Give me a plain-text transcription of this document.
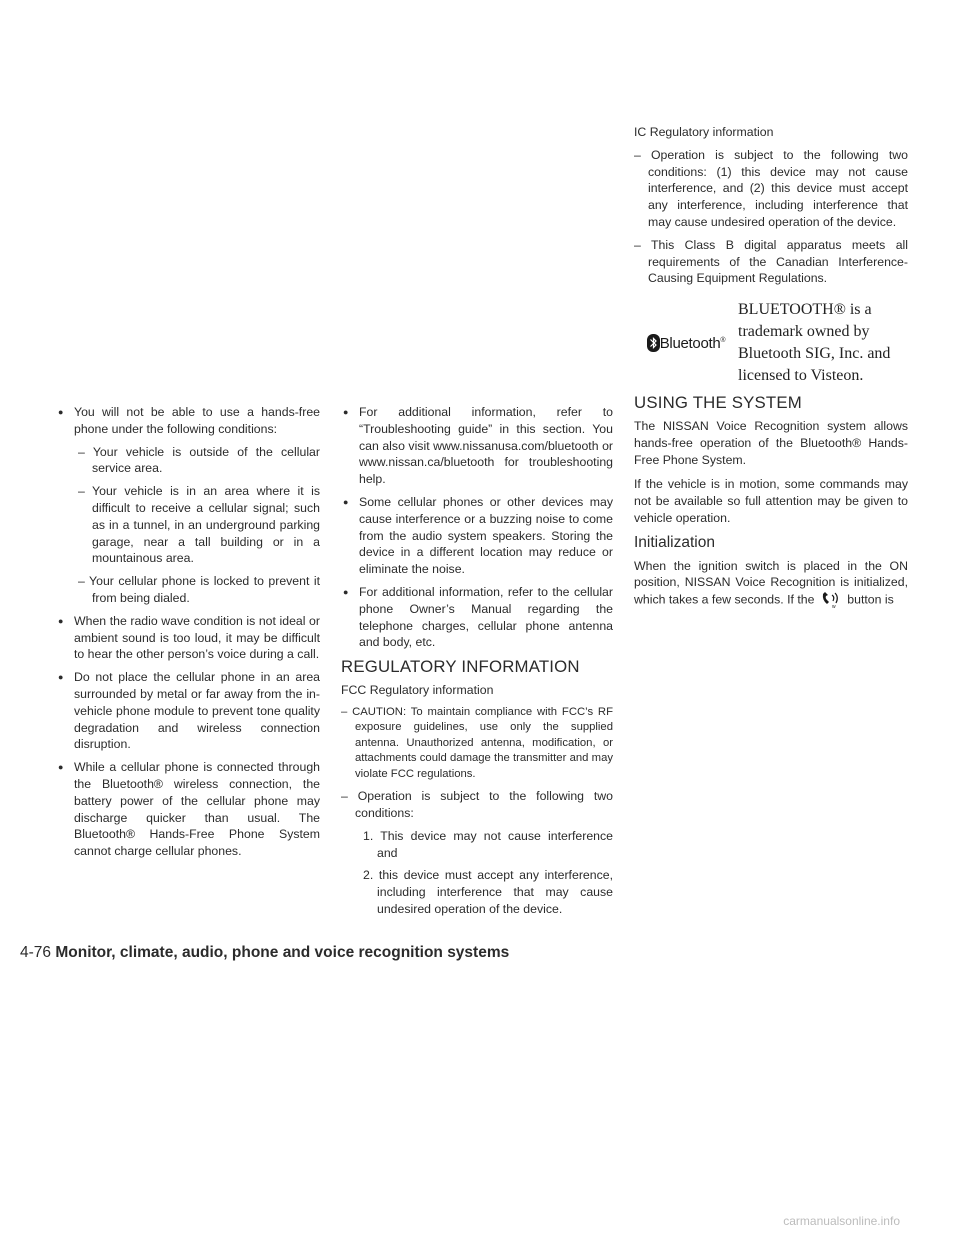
● You will not be able to use a hands-free phone under the following conditions:

– Your vehicle is outside of the cellular service area.

– Your vehicle is in an area where it is difficult to receive a cellular signal; such as in a tunnel, in an underground parking garage, near a tall building or in a mountainous area.

– Your cellular phone is locked to prevent it from being dialed.

● When the radio wave condition is not ideal or ambient sound is too loud, it may be difficult to hear the other person’s voice during a call.

● Do not place the cellular phone in an area surrounded by metal or far away from the in-vehicle phone module to prevent tone quality degradation and wireless connection disruption.

● While a cellular phone is connected through the Bluetooth® wireless connection, the battery power of the cellular phone may discharge quicker than usual. The Bluetooth® Hands-Free Phone System cannot charge cellular phones.

● For additional information, refer to “Troubleshooting guide” in this section. You can also visit www.nissanusa.com/bluetooth or www.nissan.ca/bluetooth for troubleshooting help.

● Some cellular phones or other devices may cause interference or a buzzing noise to come from the audio system speakers. Storing the device in a different location may reduce or eliminate the noise.

● For additional information, refer to the cellular phone Owner’s Manual regarding the telephone charges, cellular phone antenna and body, etc.

REGULATORY INFORMATION

FCC Regulatory information

– CAUTION: To maintain compliance with FCC’s RF exposure guidelines, use only the supplied antenna. Unauthorized antenna, modification, or attachments could damage the transmitter and may violate FCC regulations.

– Operation is subject to the following two conditions:

1. This device may not cause interference and

2. this device must accept any interference, including interference that may cause undesired operation of the device.

IC Regulatory information

– Operation is subject to the following two conditions: (1) this device may not cause interference, and (2) this device must accept any interference, including interference that may cause undesired operation of the device.

– This Class B digital apparatus meets all requirements of the Canadian Interference-Causing Equipment Regulations.

Bluetooth®
BLUETOOTH® is a trademark owned by Bluetooth SIG, Inc. and licensed to Visteon.
USING THE SYSTEM

The NISSAN Voice Recognition system allows hands-free operation of the Bluetooth® Hands-Free Phone System.

If the vehicle is in motion, some commands may not be available so full attention may be given to vehicle operation.

Initialization

When the ignition switch is placed in the ON position, NISSAN Voice Recognition is initialized, which takes a few seconds. If the
w
button is

4-76 Monitor, climate, audio, phone and voice recognition systems
carmanualsonline.info
